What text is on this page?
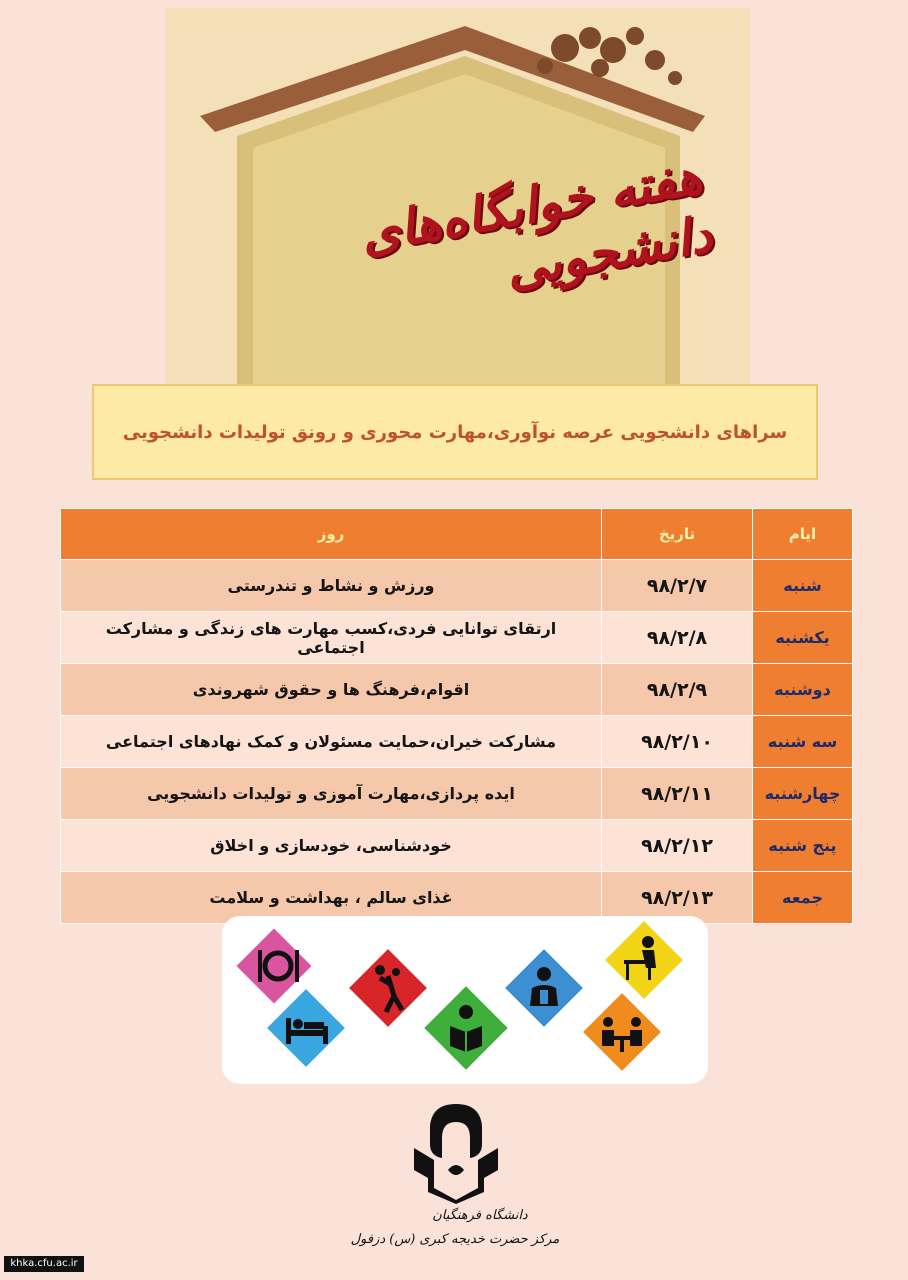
هفته خوابگاه‌های دانشجویی
سراهای دانشجویی عرصه نوآوری،مهارت محوری و رونق تولیدات دانشجویی
ایام	تاریخ	روز
شنبه	۹۸/۲/۷	ورزش و نشاط و تندرستی
یکشنبه	۹۸/۲/۸	ارتقای توانایی فردی،کسب مهارت های زندگی و مشارکت اجتماعی
دوشنبه	۹۸/۲/۹	اقوام،فرهنگ ها و حقوق شهروندی
سه شنبه	۹۸/۲/۱۰	مشارکت خیران،حمایت مسئولان و کمک نهادهای اجتماعی
چهارشنبه	۹۸/۲/۱۱	ایده پردازی،مهارت آموزی و تولیدات دانشجویی
پنج شنبه	۹۸/۲/۱۲	خودشناسی، خودسازی و اخلاق
جمعه	۹۸/۲/۱۳	غذای سالم ، بهداشت و سلامت
دانشگاه فرهنگیان
مرکز حضرت خدیجه کبری (س) دزفول
khka.cfu.ac.ir
